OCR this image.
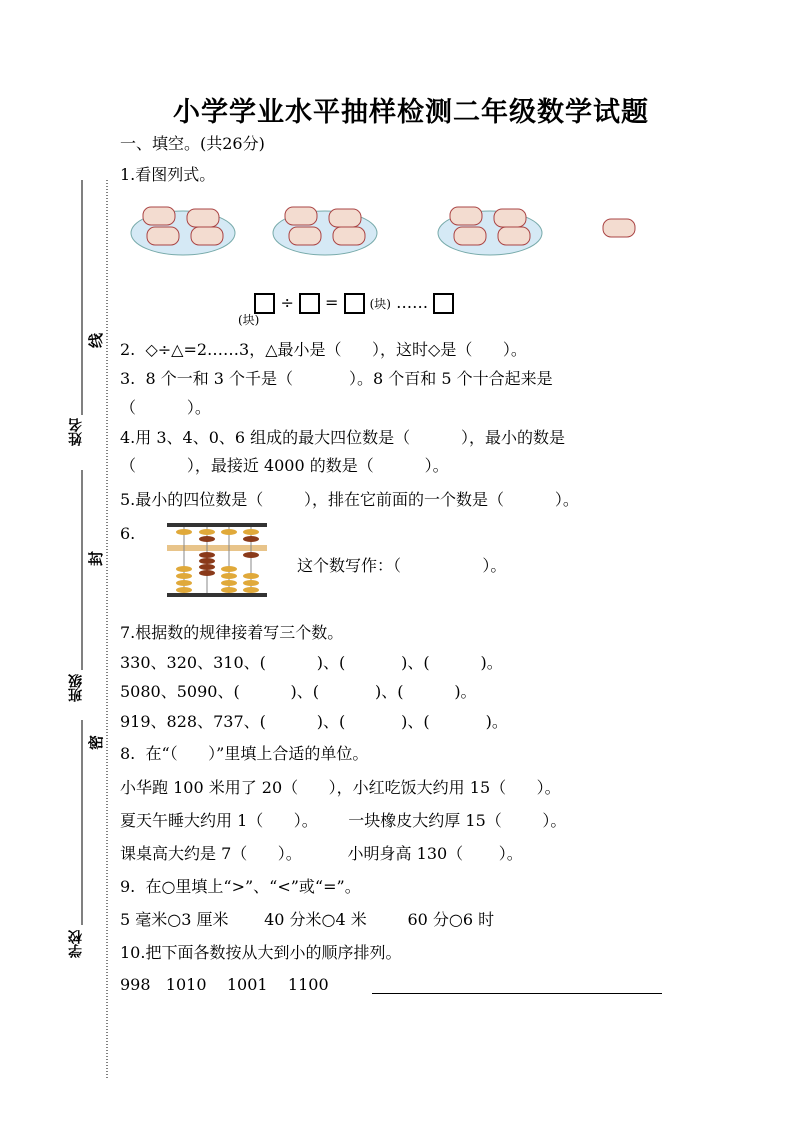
线
封
密
姓名
班级
学校
小学学业水平抽样检测二年级数学试题
一、填空。(共26分)
1.看图列式。

÷ =	(块) ……

(块)
2.  ◇÷△=2……3，△最小是（      ），这时◇是（      ）。
3.  8 个一和 3 个千是（           ）。8 个百和 5 个十合起来是
（          ）。
4.用 3、4、0、6 组成的最大四位数是（          ），最小的数是
（          ），最接近 4000 的数是（          ）。
5.最小的四位数是（        ），排在它前面的一个数是（          ）。
6.
这个数写作：（                ）。
7.根据数的规律接着写三个数。
330、320、310、(          )、(           )、(          )。
5080、5090、(          )、(           )、(          )。
919、828、737、(          )、(           )、(           )。
8.  在“（      ）”里填上合适的单位。
小华跑 100 米用了 20（      ），小红吃饭大约用 15（      ）。
夏天午睡大约用 1（      ）。      一块橡皮大约厚 15（        ）。
课桌高大约是 7（      ）。         小明身高 130（       ）。
9.  在○里填上“>”、“<”或“=”。
5 毫米○3 厘米       40 分米○4 米        60 分○6 时
10.把下面各数按从大到小的顺序排列。
998   1010    1001    1100
